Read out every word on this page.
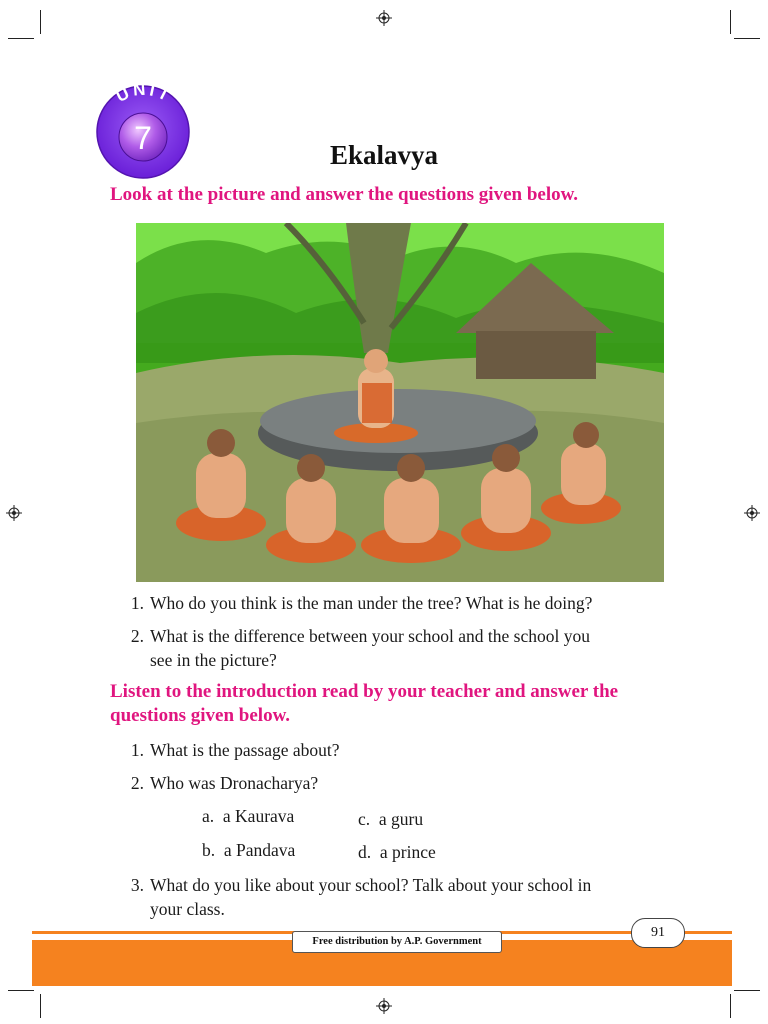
UNIT
7	Ekalavya
Look at the picture and answer the questions given below.
1. Who do you think is the man under the tree? What is he doing?
2. What is the difference between your school and the school you
see in the picture?
Listen to the introduction read by your teacher and answer the
questions given below.
1. What is the passage about?
2. Who was Dronacharya?
a. a Kaurava
b. a Pandava
c. a guru
d. a prince
3. What do you like about your school? Talk about your school in
your class.
Free distribution by A.P. Government
91
